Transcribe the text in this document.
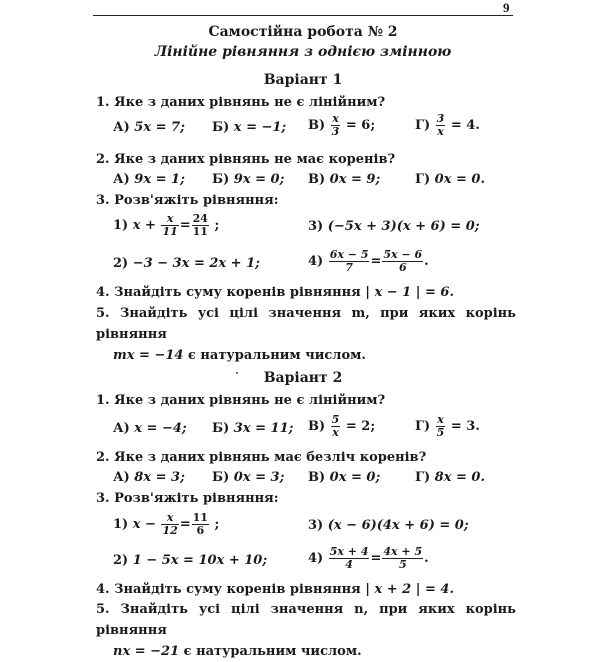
9
Самостійна робота № 2
Лінійне рівняння з однією змінною
Варіант 1
1. Яке з даних рівнянь не є лінійним?
А) 5x = 7; Б) x = −1; $В) \frac{x}{3} = 6$;	$Г) \frac{3}{x} = 4$.
2. Яке з даних рівнянь не має коренів?
А) 9x = 1; Б) 9x = 0; В) 0x = 9;	Г) 0x = 0.
3. Розв'яжіть рівняння:
1) $x + \frac{x}{11} = \frac{24}{11}$ ;	3) (−5x + 3)(x + 6) = 0;
2) −3 − 3x = 2x + 1;	$4) \frac{6x - 5}{7} = \frac{5x - 6}{6}$ .
4. Знайдіть суму коренів рівняння | x − 1 | = 6.
5. Знайдіть усі цілі значення m, при яких корінь рівняння
mx = −14 є натуральним числом.
Варіант 2
1. Яке з даних рівнянь не є лінійним?
А) x = −4; Б) 3x = 11; $В) \frac{5}{x} = 2$;	$Г) \frac{x}{5} = 3$.
2. Яке з даних рівнянь має безліч коренів?
А) 8x = 3; Б) 0x = 3; В) 0x = 0;	Г) 8x = 0.
3. Розв'яжіть рівняння:
1) $x - \frac{x}{12} = \frac{11}{6}$ ;	3) (x − 6)(4x + 6) = 0;
2) 1 − 5x = 10x + 10;	$4) \frac{5x + 4}{4} = \frac{4x + 5}{5}$ .
4. Знайдіть суму коренів рівняння | x + 2 | = 4.
5. Знайдіть усі цілі значення n, при яких корінь рівняння
nx = −21 є натуральним числом.
